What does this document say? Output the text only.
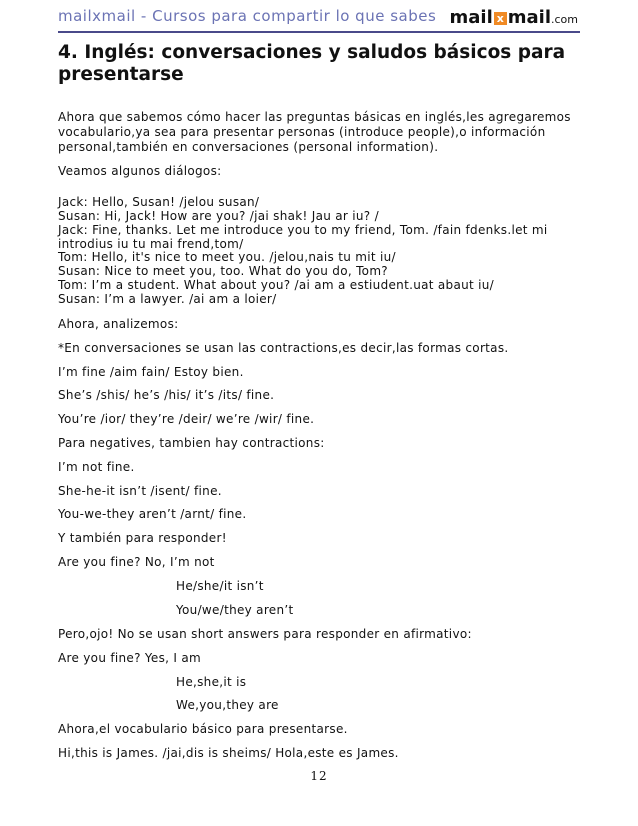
mailxmail - Cursos para compartir lo que sabes mail x mail.com
4. Inglés: conversaciones y saludos básicos para presentarse
Ahora que sabemos cómo hacer las preguntas básicas en inglés,les agregaremos
vocabulario,ya sea para presentar personas (introduce people),o información
personal,también en conversaciones (personal information).
Veamos algunos diálogos:
Jack: Hello, Susan! /jelou susan/
Susan: Hi, Jack! How are you? /jai shak! Jau ar iu? /
Jack: Fine, thanks. Let me introduce you to my friend, Tom. /fain fdenks.let mi
introdius iu tu mai frend,tom/
Tom: Hello, it's nice to meet you. /jelou,nais tu mit iu/
Susan: Nice to meet you, too. What do you do, Tom?
Tom: I’m a student. What about you? /ai am a estiudent.uat abaut iu/
Susan: I’m a lawyer. /ai am a loier/
Ahora, analizemos:
*En conversaciones se usan las contractions,es decir,las formas cortas.
I’m fine /aim fain/ Estoy bien.
She’s /shis/ he’s /his/ it’s /its/ fine.
You’re /ior/ they’re /deir/ we’re /wir/ fine.
Para negatives, tambien hay contractions:
I’m not fine.
She-he-it isn’t /isent/ fine.
You-we-they aren’t /arnt/ fine.
Y también para responder!
Are you fine? No, I’m not
He/she/it isn’t
You/we/they aren’t
Pero,ojo! No se usan short answers para responder en afirmativo:
Are you fine? Yes, I am
He,she,it is
We,you,they are
Ahora,el vocabulario básico para presentarse.
Hi,this is James. /jai,dis is sheims/ Hola,este es James.
12
